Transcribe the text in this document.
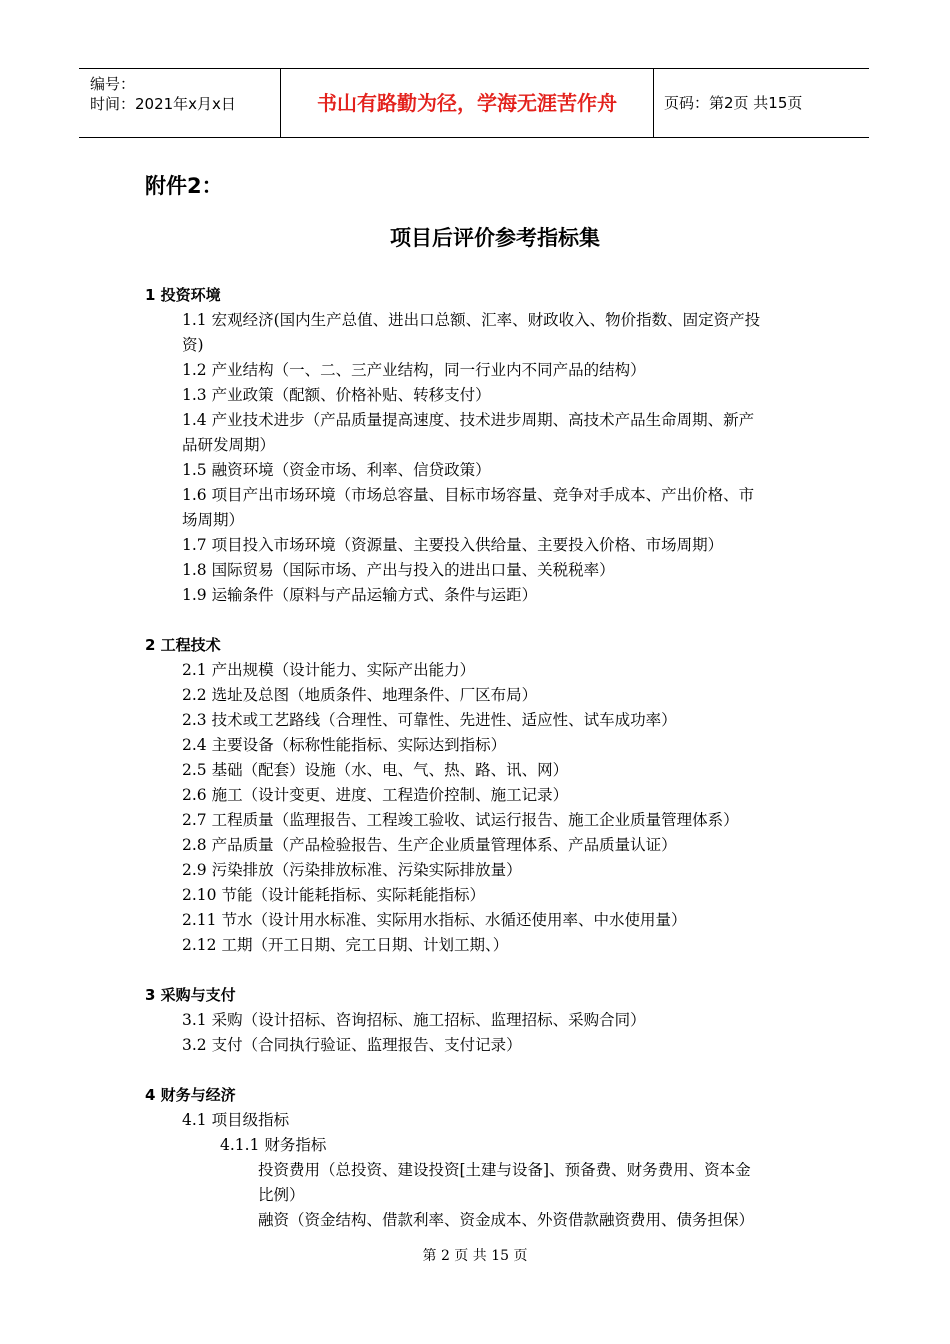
编号：
时间：2021年x月x日	书山有路勤为径，学海无涯苦作舟	页码：第2页 共15页
附件2：
项目后评价参考指标集
1 投资环境
1.1 宏观经济(国内生产总值、进出口总额、汇率、财政收入、物价指数、固定资产投
资)
1.2 产业结构（一、二、三产业结构，同一行业内不同产品的结构）
1.3 产业政策（配额、价格补贴、转移支付）
1.4 产业技术进步（产品质量提高速度、技术进步周期、高技术产品生命周期、新产
品研发周期）
1.5 融资环境（资金市场、利率、信贷政策）
1.6 项目产出市场环境（市场总容量、目标市场容量、竞争对手成本、产出价格、市
场周期）
1.7 项目投入市场环境（资源量、主要投入供给量、主要投入价格、市场周期）
1.8 国际贸易（国际市场、产出与投入的进出口量、关税税率）
1.9 运输条件（原料与产品运输方式、条件与运距）
2 工程技术
2.1 产出规模（设计能力、实际产出能力）
2.2 选址及总图（地质条件、地理条件、厂区布局）
2.3 技术或工艺路线（合理性、可靠性、先进性、适应性、试车成功率）
2.4 主要设备（标称性能指标、实际达到指标）
2.5 基础（配套）设施（水、电、气、热、路、讯、网）
2.6 施工（设计变更、进度、工程造价控制、施工记录）
2.7 工程质量（监理报告、工程竣工验收、试运行报告、施工企业质量管理体系）
2.8 产品质量（产品检验报告、生产企业质量管理体系、产品质量认证）
2.9 污染排放（污染排放标准、污染实际排放量）
2.10 节能（设计能耗指标、实际耗能指标）
2.11 节水（设计用水标准、实际用水指标、水循还使用率、中水使用量）
2.12 工期（开工日期、完工日期、计划工期、）
3 采购与支付
3.1 采购（设计招标、咨询招标、施工招标、监理招标、采购合同）
3.2 支付（合同执行验证、监理报告、支付记录）
4 财务与经济
4.1 项目级指标
4.1.1 财务指标
投资费用（总投资、建设投资[土建与设备]、预备费、财务费用、资本金
比例）
融资（资金结构、借款利率、资金成本、外资借款融资费用、债务担保）
第 2 页 共 15 页
